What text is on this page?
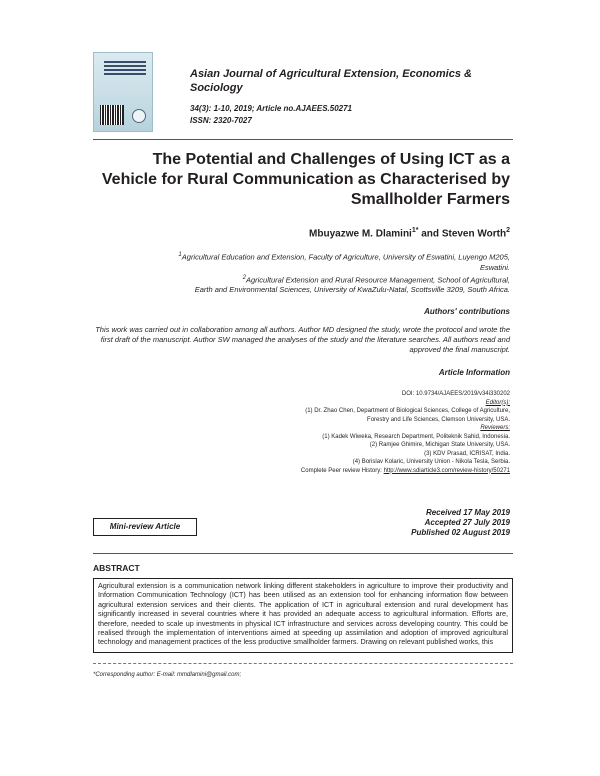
Asian Journal of Agricultural Extension, Economics & Sociology
34(3): 1-10, 2019; Article no.AJAEES.50271
ISSN: 2320-7027
The Potential and Challenges of Using ICT as a Vehicle for Rural Communication as Characterised by Smallholder Farmers
Mbuyazwe M. Dlamini$^{1*}$ and Steven Worth$^2$
$^1$Agricultural Education and Extension, Faculty of Agriculture, University of Eswatini, Luyengo M205,
Eswatini.
$^2$Agricultural Extension and Rural Resource Management, School of Agricultural,
Earth and Environmental Sciences, University of KwaZulu-Natal, Scottsville 3209, South Africa.
Authors' contributions
This work was carried out in collaboration among all authors. Author MD designed the study, wrote the protocol and wrote the first draft of the manuscript. Author SW managed the analyses of the study and the literature searches. All authors read and approved the final manuscript.
Article Information
DOI: 10.9734/AJAEES/2019/v34i330202
Editor(s):
(1) Dr. Zhao Chen, Department of Biological Sciences, College of Agriculture,
Forestry and Life Sciences, Clemson University, USA.
Reviewers:
(1) Kadek Wiweka, Research Department, Politeknik Sahid, Indonesia.
(2) Ramjee Ghimire, Michigan State University, USA.
(3) KDV Prasad, ICRISAT, India.
(4) Borislav Kolaric, University Union - Nikola Tesla, Serbia.
Complete Peer review History: http://www.sdiarticle3.com/review-history/50271
Mini-review Article
Received 17 May 2019
Accepted 27 July 2019
Published 02 August 2019
ABSTRACT

Agricultural extension is a communication network linking different stakeholders in agriculture to improve their productivity and Information Communication Technology (ICT) has been utilised as an extension tool for enhancing information flow between agricultural extension services and their clients. The application of ICT in agricultural extension and rural development has significantly increased in several countries where it has provided an adequate access to agricultural information. Efforts are, therefore, needed to scale up investments in physical ICT infrastructure and services across developing country. This could be realised through the implementation of interventions aimed at speeding up assimilation and adoption of improved agricultural technology and management practices of the less productive smallholder farmers. Drawing on relevant published works, this

*Corresponding author: E-mail: mmdlamini@gmail.com;
